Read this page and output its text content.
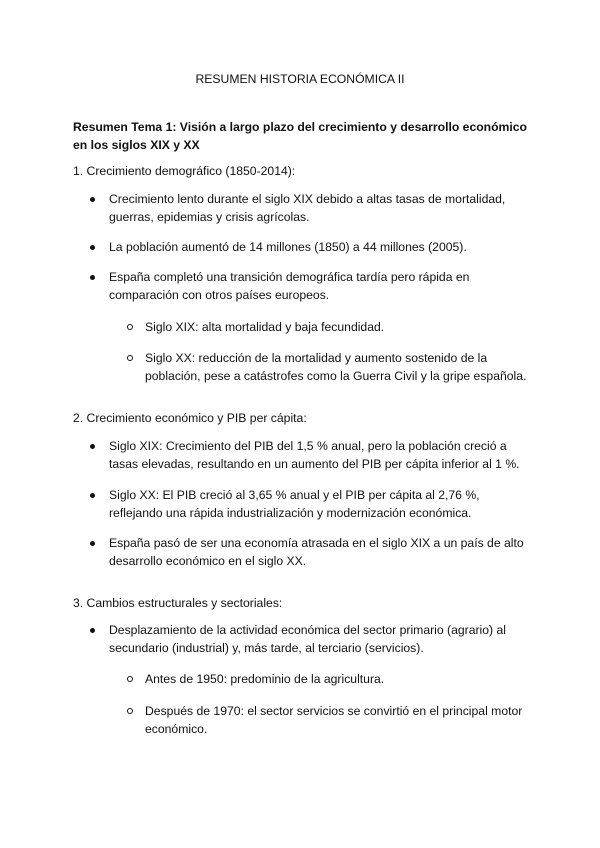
RESUMEN HISTORIA ECONÓMICA II
Resumen Tema 1: Visión a largo plazo del crecimiento y desarrollo económico en los siglos XIX y XX
1. Crecimiento demográfico (1850-2014):
Crecimiento lento durante el siglo XIX debido a altas tasas de mortalidad, guerras, epidemias y crisis agrícolas.
La población aumentó de 14 millones (1850) a 44 millones (2005).
España completó una transición demográfica tardía pero rápida en comparación con otros países europeos.
Siglo XIX: alta mortalidad y baja fecundidad.
Siglo XX: reducción de la mortalidad y aumento sostenido de la población, pese a catástrofes como la Guerra Civil y la gripe española.
2. Crecimiento económico y PIB per cápita:
Siglo XIX: Crecimiento del PIB del 1,5 % anual, pero la población creció a tasas elevadas, resultando en un aumento del PIB per cápita inferior al 1 %.
Siglo XX: El PIB creció al 3,65 % anual y el PIB per cápita al 2,76 %, reflejando una rápida industrialización y modernización económica.
España pasó de ser una economía atrasada en el siglo XIX a un país de alto desarrollo económico en el siglo XX.
3. Cambios estructurales y sectoriales:
Desplazamiento de la actividad económica del sector primario (agrario) al secundario (industrial) y, más tarde, al terciario (servicios).
Antes de 1950: predominio de la agricultura.
Después de 1970: el sector servicios se convirtió en el principal motor económico.
